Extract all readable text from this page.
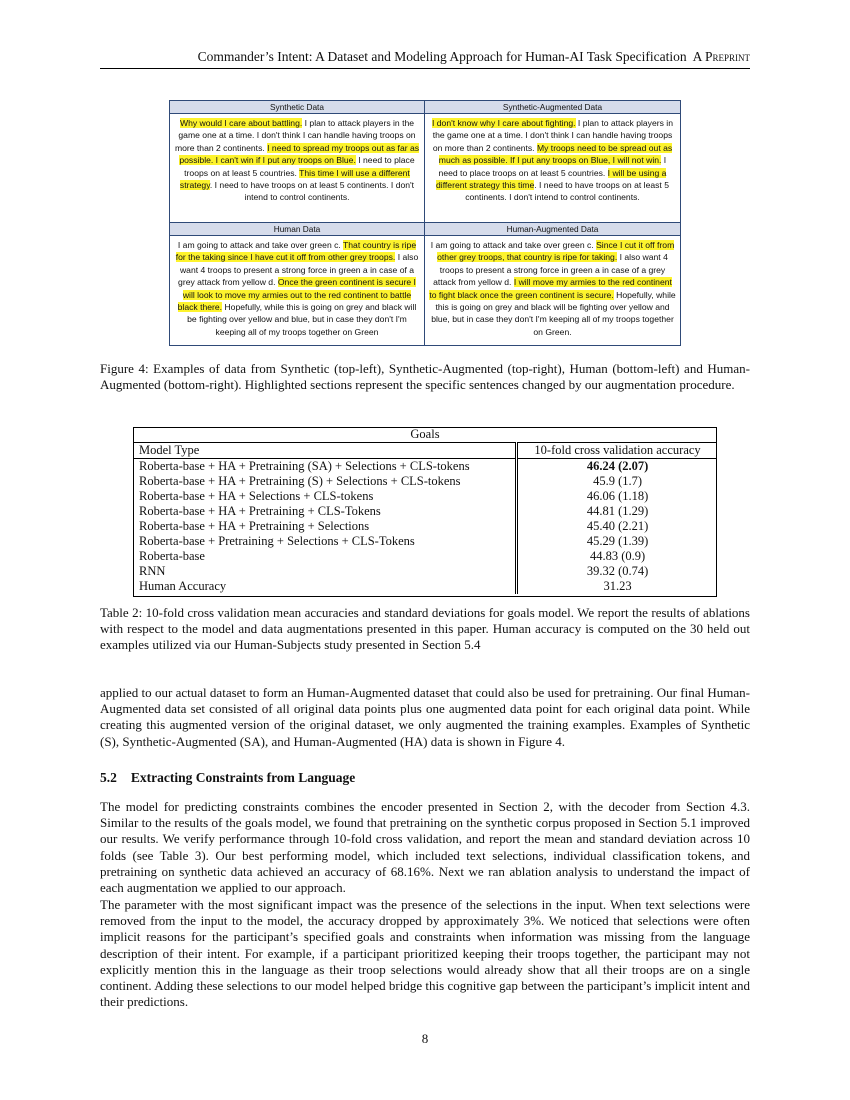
Commander’s Intent: A Dataset and Modeling Approach for Human-AI Task Specification A Preprint
Synthetic Data	Synthetic-Augmented Data
Why would I care about battling. I plan to attack players in the game one at a time. I don't think I can handle having troops on more than 2 continents. I need to spread my troops out as far as possible. I can't win if I put any troops on Blue. I need to place troops on at least 5 countries. This time I will use a different strategy. I need to have troops on at least 5 continents. I don't intend to control continents.
I don't know why I care about fighting. I plan to attack players in the game one at a time. I don't think I can handle having troops on more than 2 continents. My troops need to be spread out as much as possible. If I put any troops on Blue, I will not win. I need to place troops on at least 5 countries. I will be using a different strategy this time. I need to have troops on at least 5 continents. I don't intend to control continents.
Human Data	Human-Augmented Data
I am going to attack and take over green c. That country is ripe for the taking since I have cut it off from other grey troops. I also want 4 troops to present a strong force in green a in case of a grey attack from yellow d. Once the green continent is secure I will look to move my armies out to the red continent to battle black there. Hopefully, while this is going on grey and black will be fighting over yellow and blue, but in case they don't I'm keeping all of my troops together on Green
I am going to attack and take over green c. Since I cut it off from other grey troops, that country is ripe for taking. I also want 4 troops to present a strong force in green a in case of a grey attack from yellow d. I will move my armies to the red continent to fight black once the green continent is secure. Hopefully, while this is going on grey and black will be fighting over yellow and blue, but in case they don't I'm keeping all of my troops together on Green.
Figure 4: Examples of data from Synthetic (top-left), Synthetic-Augmented (top-right), Human (bottom-left) and Human-Augmented (bottom-right). Highlighted sections represent the specific sentences changed by our augmentation procedure.
Goals	
Model Type	10-fold cross validation accuracy
Roberta-base + HA + Pretraining (SA) + Selections + CLS-tokens	46.24 (2.07)
Roberta-base + HA + Pretraining (S) + Selections + CLS-tokens	45.9 (1.7)
Roberta-base + HA + Selections + CLS-tokens	46.06 (1.18)
Roberta-base + HA + Pretraining + CLS-Tokens	44.81 (1.29)
Roberta-base + HA + Pretraining + Selections	45.40 (2.21)
Roberta-base + Pretraining + Selections + CLS-Tokens	45.29 (1.39)
Roberta-base	44.83 (0.9)
RNN	39.32 (0.74)
Human Accuracy	31.23
Table 2: 10-fold cross validation mean accuracies and standard deviations for goals model. We report the results of ablations with respect to the model and data augmentations presented in this paper. Human accuracy is computed on the 30 held out examples utilized via our Human-Subjects study presented in Section 5.4
applied to our actual dataset to form an Human-Augmented dataset that could also be used for pretraining. Our final Human-Augmented data set consisted of all original data points plus one augmented data point for each original data point. While creating this augmented version of the original dataset, we only augmented the training examples. Examples of Synthetic (S), Synthetic-Augmented (SA), and Human-Augmented (HA) data is shown in Figure 4.
5.2 Extracting Constraints from Language
The model for predicting constraints combines the encoder presented in Section 2, with the decoder from Section 4.3. Similar to the results of the goals model, we found that pretraining on the synthetic corpus proposed in Section 5.1 improved our results. We verify performance through 10-fold cross validation, and report the mean and standard deviation across 10 folds (see Table 3). Our best performing model, which included text selections, individual classification tokens, and pretraining on synthetic data achieved an accuracy of 68.16%. Next we ran ablation analysis to understand the impact of each augmentation we applied to our approach.
The parameter with the most significant impact was the presence of the selections in the input. When text selections were removed from the input to the model, the accuracy dropped by approximately 3%. We noticed that selections were often implicit reasons for the participant’s specified goals and constraints when information was missing from the language description of their intent. For example, if a participant prioritized keeping their troops together, the participant may not explicitly mention this in the language as their troop selections would already show that all their troops are on a single continent. Adding these selections to our model helped bridge this cognitive gap between the participant’s implicit intent and their predictions.
8
